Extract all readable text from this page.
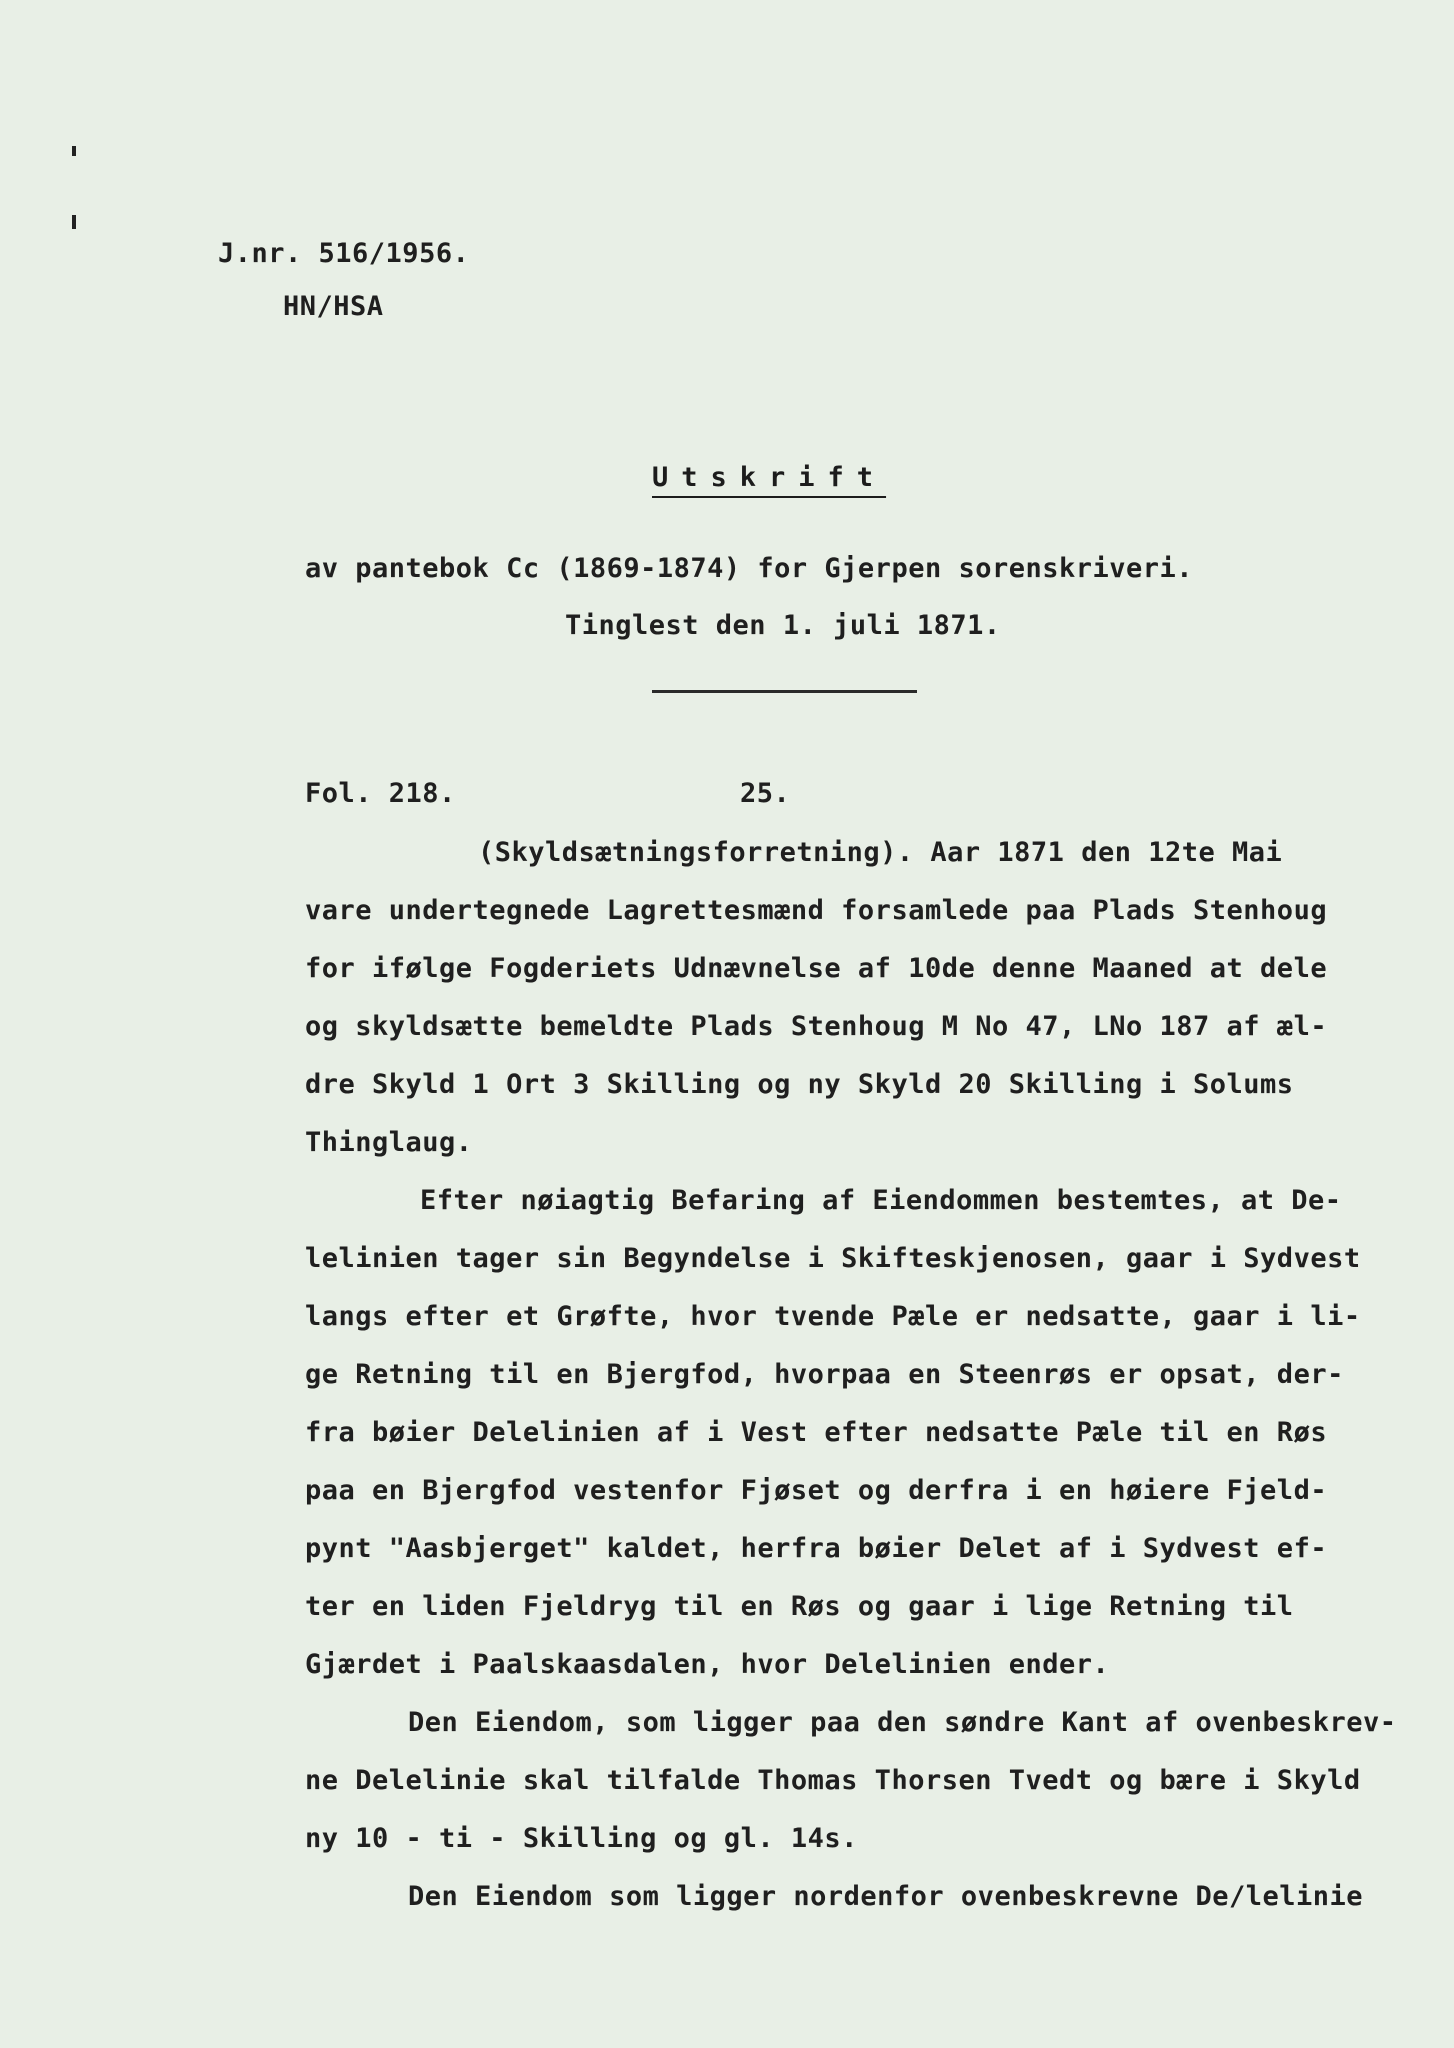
J.nr. 516/1956.
HN/HSA
Utskrift
av pantebok Cc (1869-1874) for Gjerpen sorenskriveri.
Tinglest den 1. juli 1871.
Fol. 218.	25.
(Skyldsætningsforretning). Aar 1871 den 12te Mai
vare undertegnede Lagrettesmænd forsamlede paa Plads Stenhoug
for ifølge Fogderiets Udnævnelse af 10de denne Maaned at dele
og skyldsætte bemeldte Plads Stenhoug M No 47, LNo 187 af æl-
dre Skyld 1 Ort 3 Skilling og ny Skyld 20 Skilling i Solums
Thinglaug.
Efter nøiagtig Befaring af Eiendommen bestemtes, at De-
lelinien tager sin Begyndelse i Skifteskjenosen, gaar i Sydvest
langs efter et Grøfte, hvor tvende Pæle er nedsatte, gaar i li-
ge Retning til en Bjergfod, hvorpaa en Steenrøs er opsat, der-
fra bøier Delelinien af i Vest efter nedsatte Pæle til en Røs
paa en Bjergfod vestenfor Fjøset og derfra i en høiere Fjeld-
pynt "Aasbjerget" kaldet, herfra bøier Delet af i Sydvest ef-
ter en liden Fjeldryg til en Røs og gaar i lige Retning til
Gjærdet i Paalskaasdalen, hvor Delelinien ender.
Den Eiendom, som ligger paa den søndre Kant af ovenbeskrev-
ne Delelinie skal tilfalde Thomas Thorsen Tvedt og bære i Skyld
ny 10 - ti - Skilling og gl. 14s.
Den Eiendom som ligger nordenfor ovenbeskrevne De/lelinie
